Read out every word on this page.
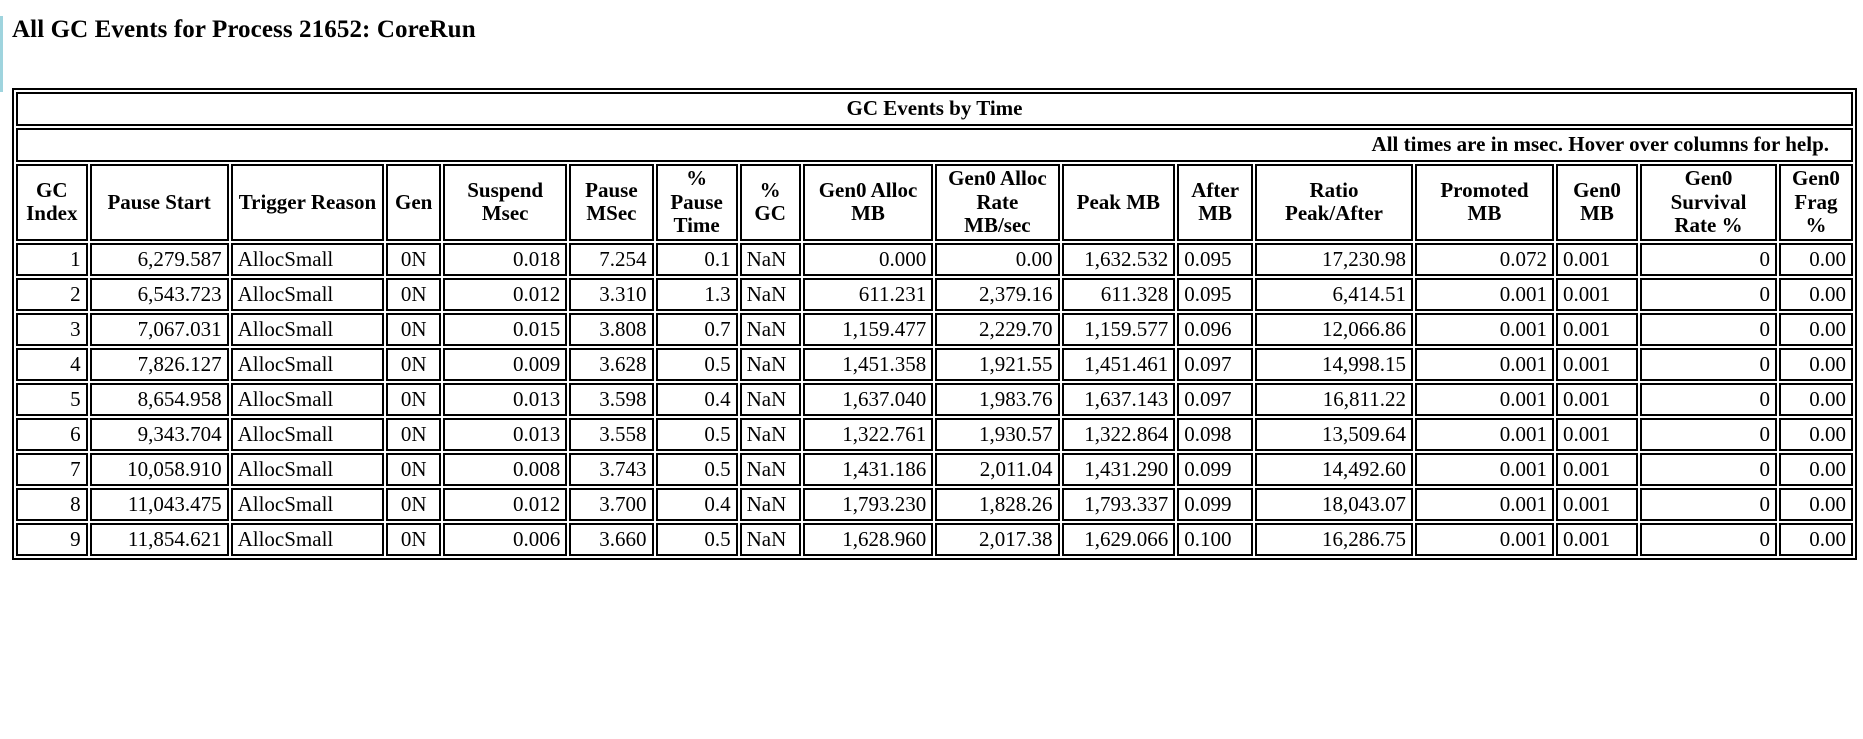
All GC Events for Process 21652: CoreRun
GC Events by Time																
All times are in msec. Hover over columns for help.																
GC Index	Pause Start	Trigger Reason	Gen	Suspend Msec	Pause MSec	% Pause Time	% GC	Gen0 Alloc MB	Gen0 Alloc Rate MB/sec	Peak MB	After MB	Ratio Peak/After	Promoted MB	Gen0 MB	Gen0 Survival Rate %	Gen0 Frag %
1	6,279.587	AllocSmall	0N	0.018	7.254	0.1	NaN	0.000	0.00	1,632.532	0.095	17,230.98	0.072	0.001	0	0.00
2	6,543.723	AllocSmall	0N	0.012	3.310	1.3	NaN	611.231	2,379.16	611.328	0.095	6,414.51	0.001	0.001	0	0.00
3	7,067.031	AllocSmall	0N	0.015	3.808	0.7	NaN	1,159.477	2,229.70	1,159.577	0.096	12,066.86	0.001	0.001	0	0.00
4	7,826.127	AllocSmall	0N	0.009	3.628	0.5	NaN	1,451.358	1,921.55	1,451.461	0.097	14,998.15	0.001	0.001	0	0.00
5	8,654.958	AllocSmall	0N	0.013	3.598	0.4	NaN	1,637.040	1,983.76	1,637.143	0.097	16,811.22	0.001	0.001	0	0.00
6	9,343.704	AllocSmall	0N	0.013	3.558	0.5	NaN	1,322.761	1,930.57	1,322.864	0.098	13,509.64	0.001	0.001	0	0.00
7	10,058.910	AllocSmall	0N	0.008	3.743	0.5	NaN	1,431.186	2,011.04	1,431.290	0.099	14,492.60	0.001	0.001	0	0.00
8	11,043.475	AllocSmall	0N	0.012	3.700	0.4	NaN	1,793.230	1,828.26	1,793.337	0.099	18,043.07	0.001	0.001	0	0.00
9	11,854.621	AllocSmall	0N	0.006	3.660	0.5	NaN	1,628.960	2,017.38	1,629.066	0.100	16,286.75	0.001	0.001	0	0.00
